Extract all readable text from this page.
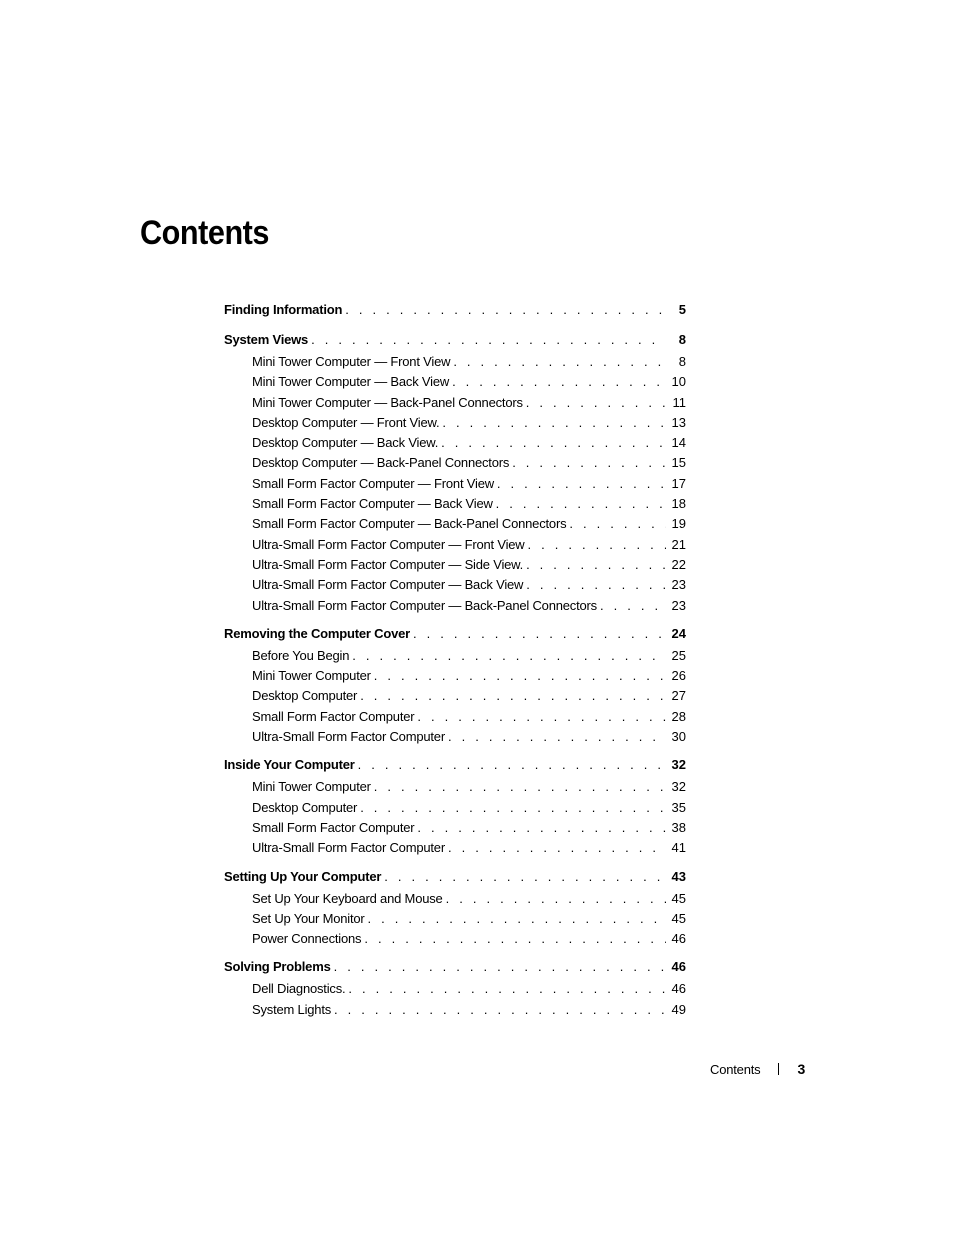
Contents
Finding Information . . .	5
System Views . . .	8
Mini Tower Computer — Front View . . .	8
Mini Tower Computer — Back View . . .	10
Mini Tower Computer — Back-Panel Connectors . . .	11
Desktop Computer — Front View. . . .	13
Desktop Computer — Back View. . . .	14
Desktop Computer — Back-Panel Connectors . . .	15
Small Form Factor Computer — Front View . . .	17
Small Form Factor Computer — Back View . . .	18
Small Form Factor Computer — Back-Panel Connectors . . .	19
Ultra-Small Form Factor Computer — Front View . . .	21
Ultra-Small Form Factor Computer — Side View. . . .	22
Ultra-Small Form Factor Computer — Back View . . .	23
Ultra-Small Form Factor Computer — Back-Panel Connectors . . .	23
Removing the Computer Cover . . .	24
Before You Begin . . .	25
Mini Tower Computer . . .	26
Desktop Computer . . .	27
Small Form Factor Computer . . .	28
Ultra-Small Form Factor Computer . . .	30
Inside Your Computer . . .	32
Mini Tower Computer . . .	32
Desktop Computer . . .	35
Small Form Factor Computer . . .	38
Ultra-Small Form Factor Computer . . .	41
Setting Up Your Computer . . .	43
Set Up Your Keyboard and Mouse . . .	45
Set Up Your Monitor . . .	45
Power Connections . . .	46
Solving Problems . . .	46
Dell Diagnostics. . . .	46
System Lights . . .	49
Contents	3
